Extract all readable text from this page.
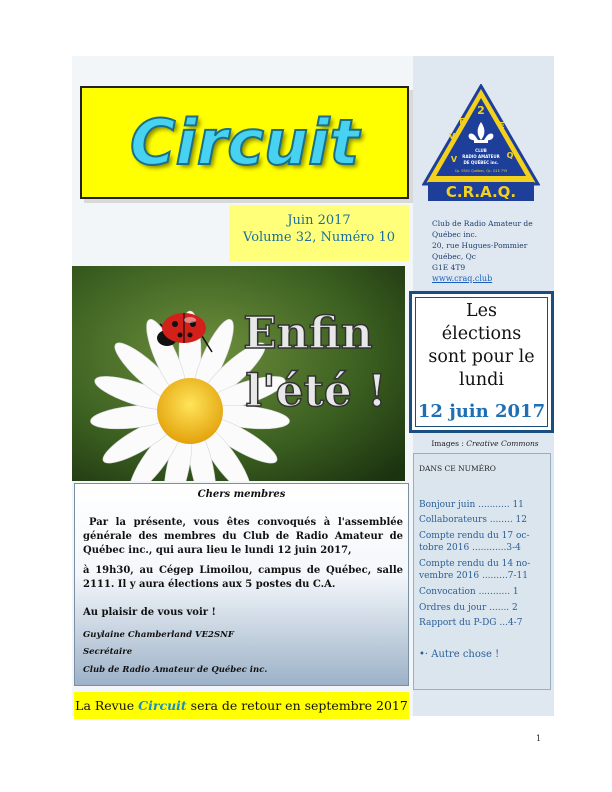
Circuit
Juin 2017
Volume 32, Numéro 10
2
V
E
V
E
Q
CLUB
RADIO AMATEUR
DE QUÉBEC inc.
Cp. 9341 Québec, Qc. G1E 7Y5
C.R.A.Q.
Club de Radio Amateur de Québec inc.
20, rue Hugues-Pommier
Québec, Qc
G1E 4T9
www.craq.club
Enfin
l'été !
Les
élections
sont pour le
lundi
12 juin 2017
Images : Creative Commons
DANS CE NUMÉRO
Bonjour juin ........... 11
Collaborateurs ........ 12
Compte rendu du 17 oc-
tobre 2016 ............3-4
Compte rendu du 14 no-
vembre 2016 .........7-11
Convocation ........... 1
Ordres du jour ....... 2
Rapport du P-DG ...4-7
•· Autre chose !
Chers membres
Par la présente, vous êtes convoqués à l'assemblée générale des membres du Club de Radio Amateur de Québec inc., qui aura lieu le lundi 12 juin 2017,
à 19h30, au Cégep Limoilou, campus de Québec, salle 2111. Il y aura élections aux 5 postes du C.A.
Au plaisir de vous voir !
Guylaine Chamberland VE2SNF
Secrétaire
Club de Radio Amateur de Québec inc.
La Revue Circuit sera de retour en septembre 2017
1
